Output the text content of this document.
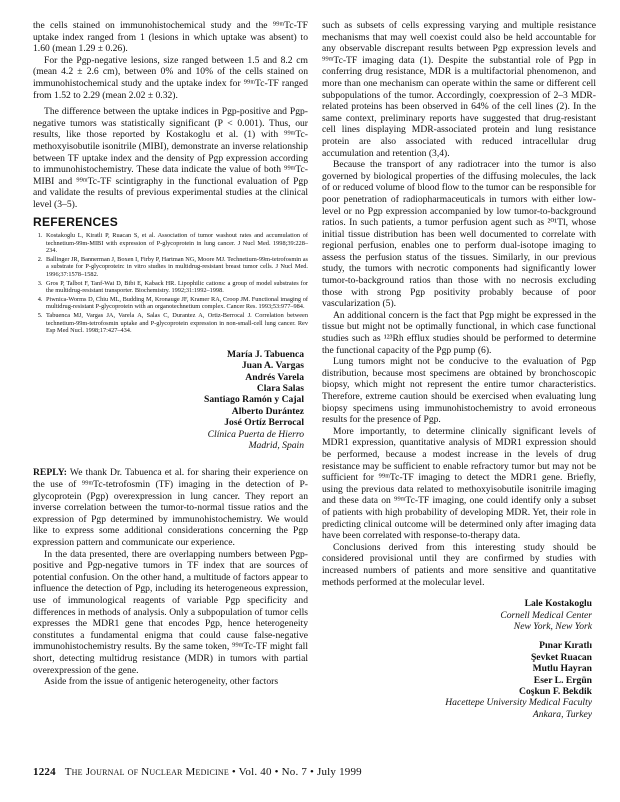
the cells stained on immunohistochemical study and the ⁹⁹ᵐTc-TF uptake index ranged from 1 (lesions in which uptake was absent) to 1.60 (mean 1.29 ± 0.26).

For the Pgp-negative lesions, size ranged between 1.5 and 8.2 cm (mean 4.2 ± 2.6 cm), between 0% and 10% of the cells stained on immunohistochemical study and the uptake index for ⁹⁹ᵐTc-TF ranged from 1.52 to 2.29 (mean 2.02 ± 0.32).

The difference between the uptake indices in Pgp-positive and Pgp-negative tumors was statistically significant (P < 0.001). Thus, our results, like those reported by Kostakoglu et al. (1) with ⁹⁹ᵐTc-methoxyisobutile isonitrile (MIBI), demonstrate an inverse relationship between TF uptake index and the density of Pgp expression according to immunohistochemistry. These data indicate the value of both ⁹⁹ᵐTc-MIBI and ⁹⁹ᵐTc-TF scintigraphy in the functional evaluation of Pgp and validate the results of previous experimental studies at the clinical level (3–5).

REFERENCES
1. Kostakoglu L, Kiratli P, Ruacan S, et al. Association of tumor washout rates and accumulation of technetium-99m-MIBI with expression of P-glycoprotein in lung cancer. J Nucl Med. 1998;39:228–234.
2. Ballinger JR, Bannerman J, Boxen I, Firby P, Hartman NG, Moore MJ. Technetium-99m-tetrofosmin as a substrate for P-glycoprotein: in vitro studies in multidrug-resistant breast tumor cells. J Nucl Med. 1996;37:1578–1582.
3. Gros P, Talbot F, Tanf-Wai D, Bibi E, Kaback HR. Lipophilic cations: a group of model substrates for the multidrug-resistant transporter. Biochemistry. 1992;31:1992–1998.
4. Piwnica-Worms D, Chiu ML, Budding M, Kronauge JF, Kramer RA, Croop JM. Functional imaging of multidrug-resistant P-glycoprotein with an organotechnetium complex. Cancer Res. 1993;53:977–984.
5. Tabuenca MJ, Vargas JA, Varela A, Salas C, Durantez A, Ortiz-Berrocal J. Correlation between technetium-99m-tetrofosmin uptake and P-glycoprotein expression in non-small-cell lung cancer. Rev Esp Med Nucl. 1998;17:427–434.
María J. Tabuenca
Juan A. Vargas
Andrés Varela
Clara Salas
Santiago Ramón y Cajal
Alberto Durántez
José Ortíz Berrocal
Clínica Puerta de Hierro
Madrid, Spain

REPLY: We thank Dr. Tabuenca et al. for sharing their experience on the use of ⁹⁹ᵐTc-tetrofosmin (TF) imaging in the detection of P-glycoprotein (Pgp) overexpression in lung cancer. They report an inverse correlation between the tumor-to-normal tissue ratios and the expression of Pgp determined by immunohistochemistry. We would like to express some additional considerations concerning the Pgp expression pattern and communicate our experience.

In the data presented, there are overlapping numbers between Pgp-positive and Pgp-negative tumors in TF index that are sources of potential confusion. On the other hand, a multitude of factors appear to influence the detection of Pgp, including its heterogeneous expression, use of immunological reagents of variable Pgp specificity and differences in methods of analysis. Only a subpopulation of tumor cells expresses the MDR1 gene that encodes Pgp, hence heterogeneity constitutes a fundamental enigma that could cause false-negative immunohistochemistry results. By the same token, ⁹⁹ᵐTc-TF might fall short, detecting multidrug resistance (MDR) in tumors with partial overexpression of the gene.

Aside from the issue of antigenic heterogeneity, other factors

such as subsets of cells expressing varying and multiple resistance mechanisms that may well coexist could also be held accountable for any observable discrepant results between Pgp expression levels and ⁹⁹ᵐTc-TF imaging data (1). Despite the substantial role of Pgp in conferring drug resistance, MDR is a multifactorial phenomenon, and more than one mechanism can operate within the same or different cell subpopulations of the tumor. Accordingly, coexpression of 2–3 MDR-related proteins has been observed in 64% of the cell lines (2). In the same context, preliminary reports have suggested that drug-resistant cell lines displaying MDR-associated protein and lung resistance protein are also associated with reduced intracellular drug accumulation and retention (3,4).

Because the transport of any radiotracer into the tumor is also governed by biological properties of the diffusing molecules, the lack of or reduced volume of blood flow to the tumor can be responsible for poor penetration of radiopharmaceuticals in tumors with either low-level or no Pgp expression accompanied by low tumor-to-background ratios. In such patients, a tumor perfusion agent such as ²⁰¹Tl, whose initial tissue distribution has been well documented to correlate with regional perfusion, enables one to perform dual-isotope imaging to assess the perfusion status of the tissues. Similarly, in our previous study, the tumors with necrotic components had significantly lower tumor-to-background ratios than those with no necrosis excluding those with strong Pgp positivity probably because of poor vascularization (5).

An additional concern is the fact that Pgp might be expressed in the tissue but might not be optimally functional, in which case functional studies such as ¹²³Rh efflux studies should be performed to determine the functional capacity of the Pgp pump (6).

Lung tumors might not be conducive to the evaluation of Pgp distribution, because most specimens are obtained by bronchoscopic biopsy, which might not represent the entire tumor characteristics. Therefore, extreme caution should be exercised when evaluating lung biopsy specimens using immunohistochemistry to avoid erroneous results for the presence of Pgp.

More importantly, to determine clinically significant levels of MDR1 expression, quantitative analysis of MDR1 expression should be performed, because a modest increase in the levels of drug resistance may be sufficient to enable refractory tumor but may not be sufficient for ⁹⁹ᵐTc-TF imaging to detect the MDR1 gene. Briefly, using the previous data related to methoxyisobutile isonitrile imaging and these data on ⁹⁹ᵐTc-TF imaging, one could identify only a subset of patients with high probability of developing MDR. Yet, their role in predicting clinical outcome will be determined only after imaging data have been correlated with response-to-therapy data.

Conclusions derived from this interesting study should be considered provisional until they are confirmed by studies with increased numbers of patients and more sensitive and quantitative methods performed at the molecular level.

Lale Kostakoglu
Cornell Medical Center
New York, New York
Pınar Kıratlı
Şevket Ruacan
Mutlu Hayran
Eser L. Ergün
Coşkun F. Bekdik
Hacettepe University Medical Faculty
Ankara, Turkey
1224 The Journal of Nuclear Medicine • Vol. 40 • No. 7 • July 1999
